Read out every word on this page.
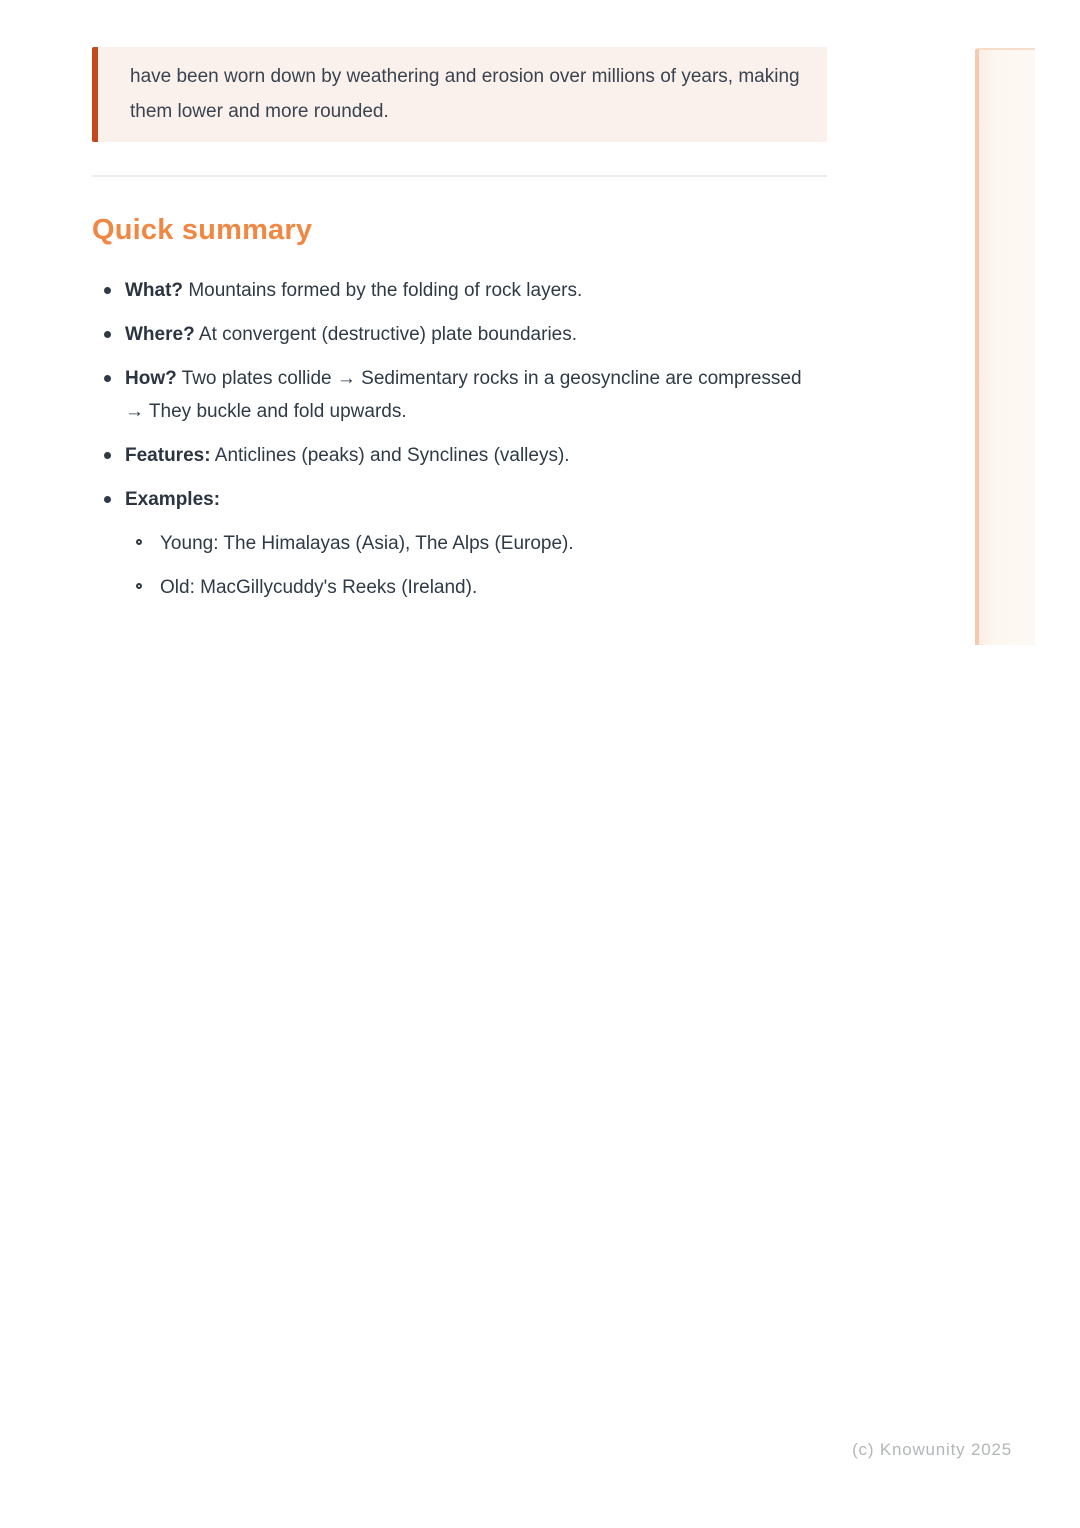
have been worn down by weathering and erosion over millions of years, making them lower and more rounded.

Quick summary
What? Mountains formed by the folding of rock layers.
Where? At convergent (destructive) plate boundaries.
How? Two plates collide → Sedimentary rocks in a geosyncline are compressed → They buckle and fold upwards.
Features: Anticlines (peaks) and Synclines (valleys).
Examples:
Young: The Himalayas (Asia), The Alps (Europe).
Old: MacGillycuddy's Reeks (Ireland).
(c) Knowunity 2025
